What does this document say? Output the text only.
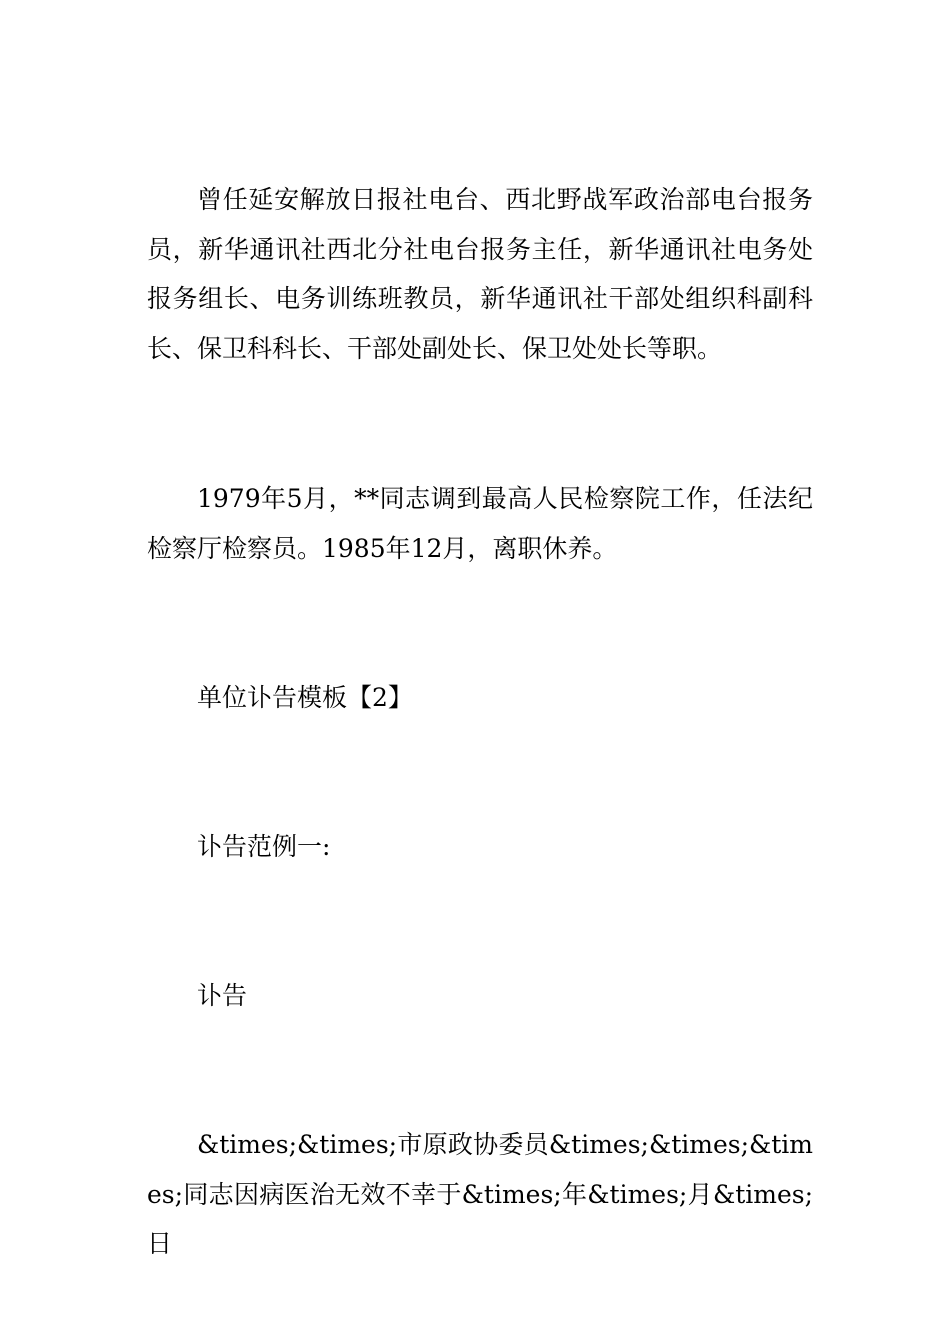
曾任延安解放日报社电台、西北野战军政治部电台报务员，新华通讯社西北分社电台报务主任，新华通讯社电务处报务组长、电务训练班教员，新华通讯社干部处组织科副科长、保卫科科长、干部处副处长、保卫处处长等职。

1979年5月，**同志调到最高人民检察院工作，任法纪检察厅检察员。1985年12月，离职休养。

单位讣告模板【2】

讣告范例一:

讣告

&times;&times;市原政协委员&times;&times;&times;同志因病医治无效不幸于&times;年&times;月&times;日
